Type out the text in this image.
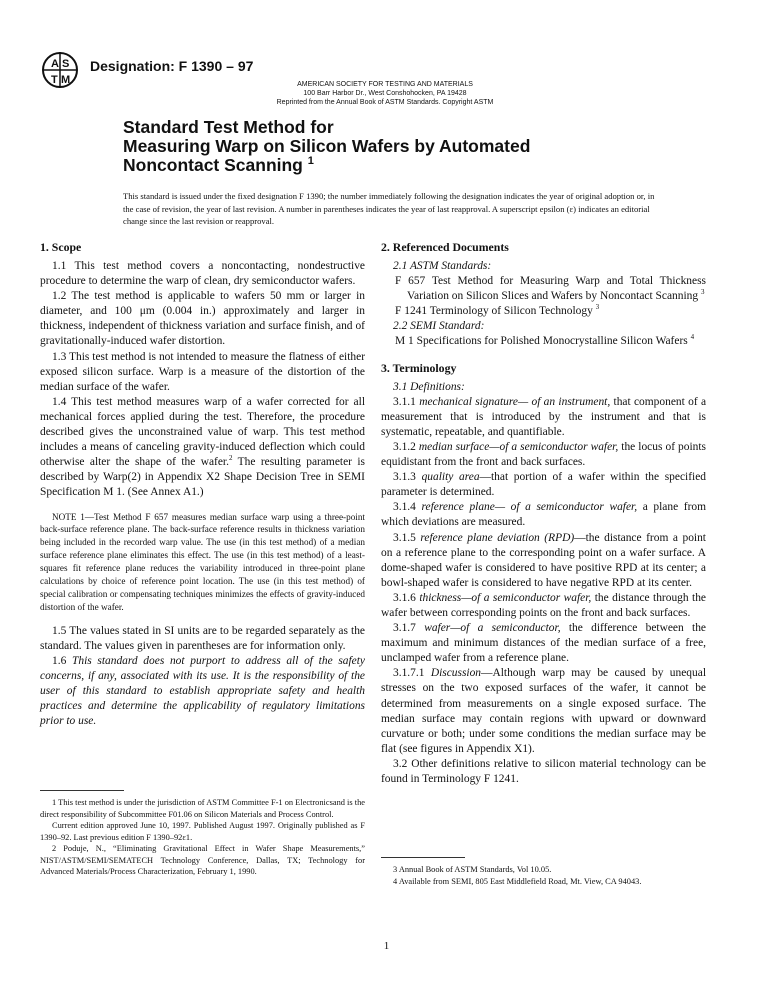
A S
T M
Designation: F 1390 – 97
AMERICAN SOCIETY FOR TESTING AND MATERIALS
100 Barr Harbor Dr., West Conshohocken, PA 19428
Reprinted from the Annual Book of ASTM Standards. Copyright ASTM
Standard Test Method for
Measuring Warp on Silicon Wafers by Automated
Noncontact Scanning $^1$

This standard is issued under the fixed designation F 1390; the number immediately following the designation indicates the year of original adoption or, in the case of revision, the year of last revision. A number in parentheses indicates the year of last reapproval. A superscript epsilon (ε) indicates an editorial change since the last revision or reapproval.

1. Scope

1.1 This test method covers a noncontacting, nondestructive procedure to determine the warp of clean, dry semiconductor wafers.

1.2 The test method is applicable to wafers 50 mm or larger in diameter, and 100 μm (0.004 in.) approximately and larger in thickness, independent of thickness variation and surface finish, and of gravitationally-induced wafer distortion.

1.3 This test method is not intended to measure the flatness of either exposed silicon surface. Warp is a measure of the distortion of the median surface of the wafer.

1.4 This test method measures warp of a wafer corrected for all mechanical forces applied during the test. Therefore, the procedure described gives the unconstrained value of warp. This test method includes a means of canceling gravity-induced deflection which could otherwise alter the shape of the wafer.$^2$ The resulting parameter is described by Warp(2) in Appendix X2 Shape Decision Tree in SEMI Specification M 1. (See Annex A1.)

NOTE 1—Test Method F 657 measures median surface warp using a three-point back-surface reference plane. The back-surface reference results in thickness variation being included in the recorded warp value. The use (in this test method) of a median surface reference plane eliminates this effect. The use (in this test method) of a least-squares fit reference plane reduces the variability introduced in three-point plane calculations by choice of reference point location. The use (in this test method) of special calibration or compensating techniques minimizes the effects of gravity-induced distortion of the wafer.

1.5 The values stated in SI units are to be regarded separately as the standard. The values given in parentheses are for information only.

1.6 This standard does not purport to address all of the safety concerns, if any, associated with its use. It is the responsibility of the user of this standard to establish appropriate safety and health practices and determine the applicability of regulatory limitations prior to use.

1 This test method is under the jurisdiction of ASTM Committee F-1 on Electronicsand is the direct responsibility of Subcommittee F01.06 on Silicon Materials and Process Control.

Current edition approved June 10, 1997. Published August 1997. Originally published as F 1390–92. Last previous edition F 1390–92ε1.

2 Poduje, N., “Eliminating Gravitational Effect in Wafer Shape Measurements,” NIST/ASTM/SEMI/SEMATECH Technology Conference, Dallas, TX; Technology for Advanced Materials/Process Characterization, February 1, 1990.

2. Referenced Documents

2.1 ASTM Standards:

F 657 Test Method for Measuring Warp and Total Thickness Variation on Silicon Slices and Wafers by Noncontact Scanning $^3$

F 1241 Terminology of Silicon Technology $^3$

2.2 SEMI Standard:

M 1 Specifications for Polished Monocrystalline Silicon Wafers $^4$

3. Terminology

3.1 Definitions:

3.1.1 mechanical signature— of an instrument, that component of a measurement that is introduced by the instrument and that is systematic, repeatable, and quantifiable.

3.1.2 median surface—of a semiconductor wafer, the locus of points equidistant from the front and back surfaces.

3.1.3 quality area—that portion of a wafer within the specified parameter is determined.

3.1.4 reference plane— of a semiconductor wafer, a plane from which deviations are measured.

3.1.5 reference plane deviation (RPD)—the distance from a point on a reference plane to the corresponding point on a wafer surface. A dome-shaped wafer is considered to have positive RPD at its center; a bowl-shaped wafer is considered to have negative RPD at its center.

3.1.6 thickness—of a semiconductor wafer, the distance through the wafer between corresponding points on the front and back surfaces.

3.1.7 wafer—of a semiconductor, the difference between the maximum and minimum distances of the median surface of a free, unclamped wafer from a reference plane.

3.1.7.1 Discussion—Although warp may be caused by unequal stresses on the two exposed surfaces of the wafer, it cannot be determined from measurements on a single exposed surface. The median surface may contain regions with upward or downward curvature or both; under some conditions the median surface may be flat (see figures in Appendix X1).

3.2 Other definitions relative to silicon material technology can be found in Terminology F 1241.

3 Annual Book of ASTM Standards, Vol 10.05.

4 Available from SEMI, 805 East Middlefield Road, Mt. View, CA 94043.

1
